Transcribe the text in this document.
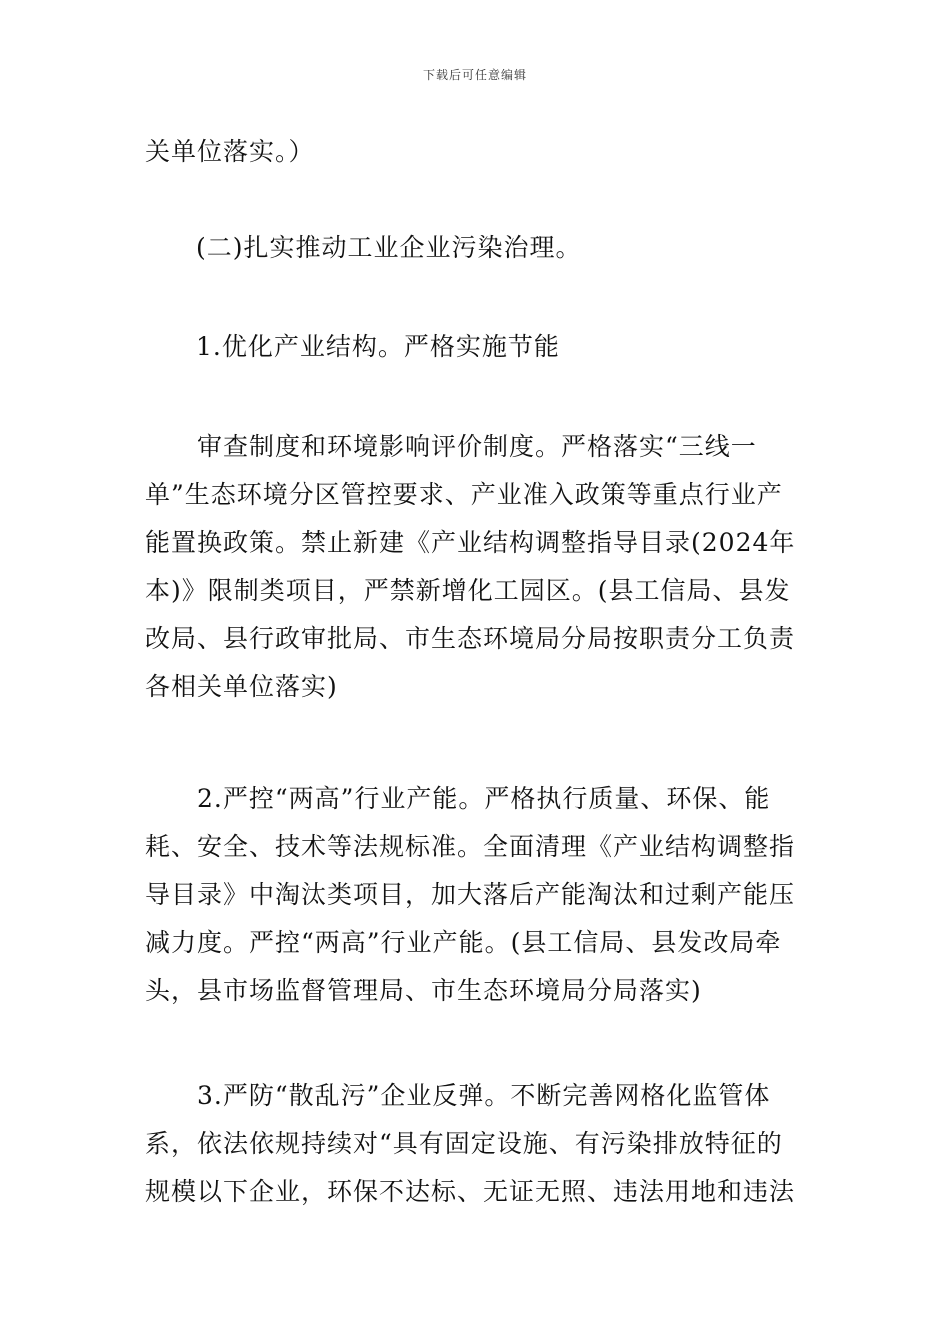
下载后可任意编辑
关单位落实。）
(二)扎实推动工业企业污染治理。
1.优化产业结构。严格实施节能
审查制度和环境影响评价制度。严格落实“三线一
单”生态环境分区管控要求、产业准入政策等重点行业产
能置换政策。禁止新建《产业结构调整指导目录(2024年
本)》限制类项目，严禁新增化工园区。(县工信局、县发
改局、县行政审批局、市生态环境局分局按职责分工负责
各相关单位落实)
2.严控“两高”行业产能。严格执行质量、环保、能
耗、安全、技术等法规标准。全面清理《产业结构调整指
导目录》中淘汰类项目，加大落后产能淘汰和过剩产能压
减力度。严控“两高”行业产能。(县工信局、县发改局牵
头，县市场监督管理局、市生态环境局分局落实)
3.严防“散乱污”企业反弹。不断完善网格化监管体
系，依法依规持续对“具有固定设施、有污染排放特征的
规模以下企业，环保不达标、无证无照、违法用地和违法
